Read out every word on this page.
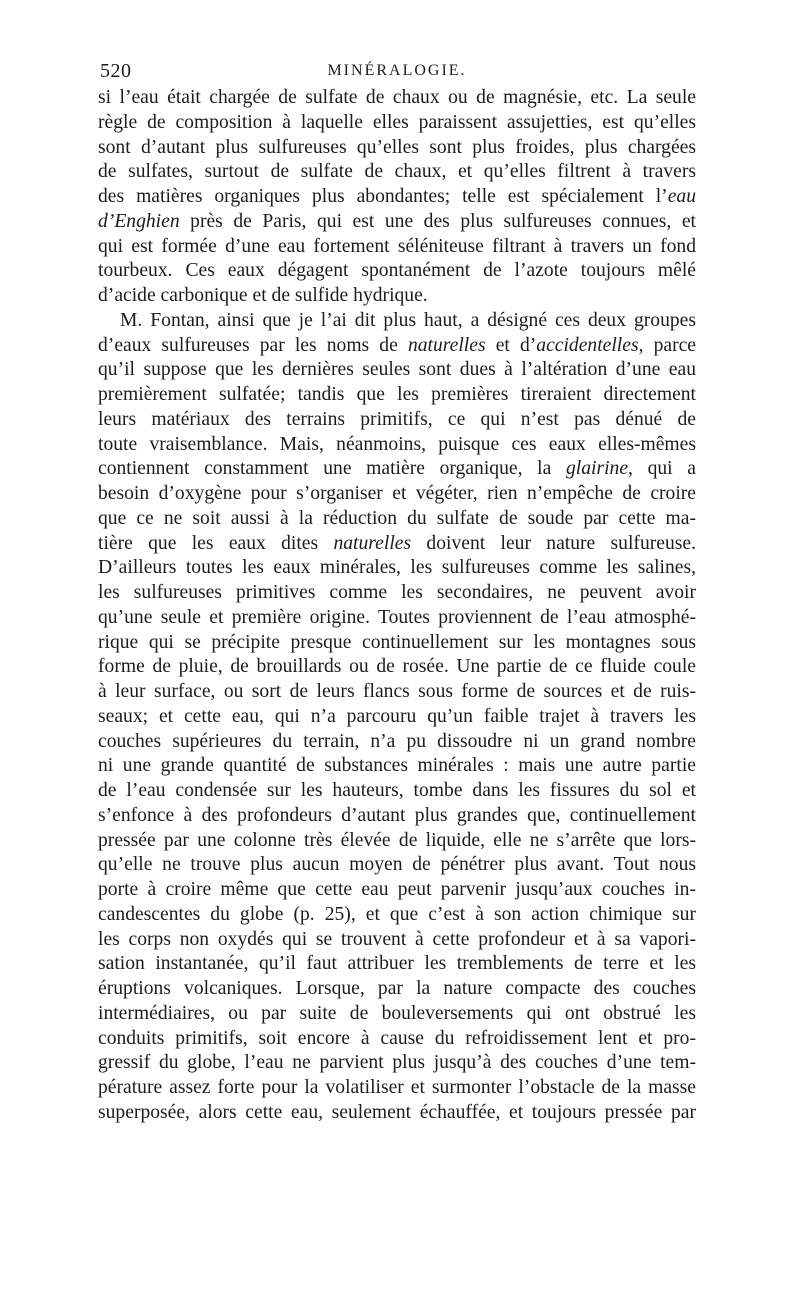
520	MINÉRALOGIE.
si l’eau était chargée de sulfate de chaux ou de magnésie, etc. La seule
règle de composition à laquelle elles paraissent assujetties, est qu’elles
sont d’autant plus sulfureuses qu’elles sont plus froides, plus chargées
de sulfates, surtout de sulfate de chaux, et qu’elles filtrent à travers
des matières organiques plus abondantes; telle est spécialement l’eau
d’Enghien près de Paris, qui est une des plus sulfureuses connues, et
qui est formée d’une eau fortement séléniteuse filtrant à travers un fond
tourbeux. Ces eaux dégagent spontanément de l’azote toujours mêlé
d’acide carbonique et de sulfide hydrique.
M. Fontan, ainsi que je l’ai dit plus haut, a désigné ces deux groupes
d’eaux sulfureuses par les noms de naturelles et d’accidentelles, parce
qu’il suppose que les dernières seules sont dues à l’altération d’une eau
premièrement sulfatée; tandis que les premières tireraient directement
leurs matériaux des terrains primitifs, ce qui n’est pas dénué de
toute vraisemblance. Mais, néanmoins, puisque ces eaux elles-mêmes
contiennent constamment une matière organique, la glairine, qui a
besoin d’oxygène pour s’organiser et végéter, rien n’empêche de croire
que ce ne soit aussi à la réduction du sulfate de soude par cette ma-
tière que les eaux dites naturelles doivent leur nature sulfureuse.
D’ailleurs toutes les eaux minérales, les sulfureuses comme les salines,
les sulfureuses primitives comme les secondaires, ne peuvent avoir
qu’une seule et première origine. Toutes proviennent de l’eau atmosphé-
rique qui se précipite presque continuellement sur les montagnes sous
forme de pluie, de brouillards ou de rosée. Une partie de ce fluide coule
à leur surface, ou sort de leurs flancs sous forme de sources et de ruis-
seaux; et cette eau, qui n’a parcouru qu’un faible trajet à travers les
couches supérieures du terrain, n’a pu dissoudre ni un grand nombre
ni une grande quantité de substances minérales : mais une autre partie
de l’eau condensée sur les hauteurs, tombe dans les fissures du sol et
s’enfonce à des profondeurs d’autant plus grandes que, continuellement
pressée par une colonne très élevée de liquide, elle ne s’arrête que lors-
qu’elle ne trouve plus aucun moyen de pénétrer plus avant. Tout nous
porte à croire même que cette eau peut parvenir jusqu’aux couches in-
candescentes du globe (p. 25), et que c’est à son action chimique sur
les corps non oxydés qui se trouvent à cette profondeur et à sa vapori-
sation instantanée, qu’il faut attribuer les tremblements de terre et les
éruptions volcaniques. Lorsque, par la nature compacte des couches
intermédiaires, ou par suite de bouleversements qui ont obstrué les
conduits primitifs, soit encore à cause du refroidissement lent et pro-
gressif du globe, l’eau ne parvient plus jusqu’à des couches d’une tem-
pérature assez forte pour la volatiliser et surmonter l’obstacle de la masse
superposée, alors cette eau, seulement échauffée, et toujours pressée par
